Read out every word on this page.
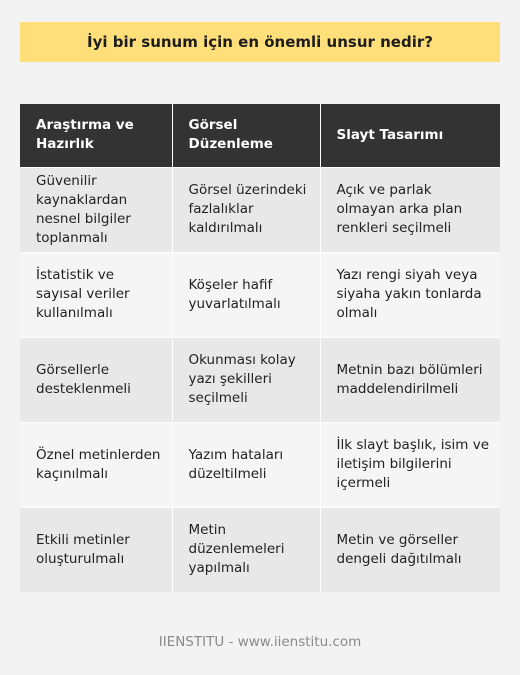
İyi bir sunum için en önemli unsur nedir?
Araştırma ve Hazırlık	Görsel Düzenleme	Slayt Tasarımı
Güvenilir kaynaklardan nesnel bilgiler toplanmalı	Görsel üzerindeki fazlalıklar kaldırılmalı	Açık ve parlak olmayan arka plan renkleri seçilmeli
İstatistik ve sayısal veriler kullanılmalı	Köşeler hafif yuvarlatılmalı	Yazı rengi siyah veya siyaha yakın tonlarda olmalı
Görsellerle desteklenmeli	Okunması kolay yazı şekilleri seçilmeli	Metnin bazı bölümleri maddelendirilmeli
Öznel metinlerden kaçınılmalı	Yazım hataları düzeltilmeli	İlk slayt başlık, isim ve iletişim bilgilerini içermeli
Etkili metinler oluşturulmalı	Metin düzenlemeleri yapılmalı	Metin ve görseller dengeli dağıtılmalı
IIENSTITU - www.iienstitu.com
